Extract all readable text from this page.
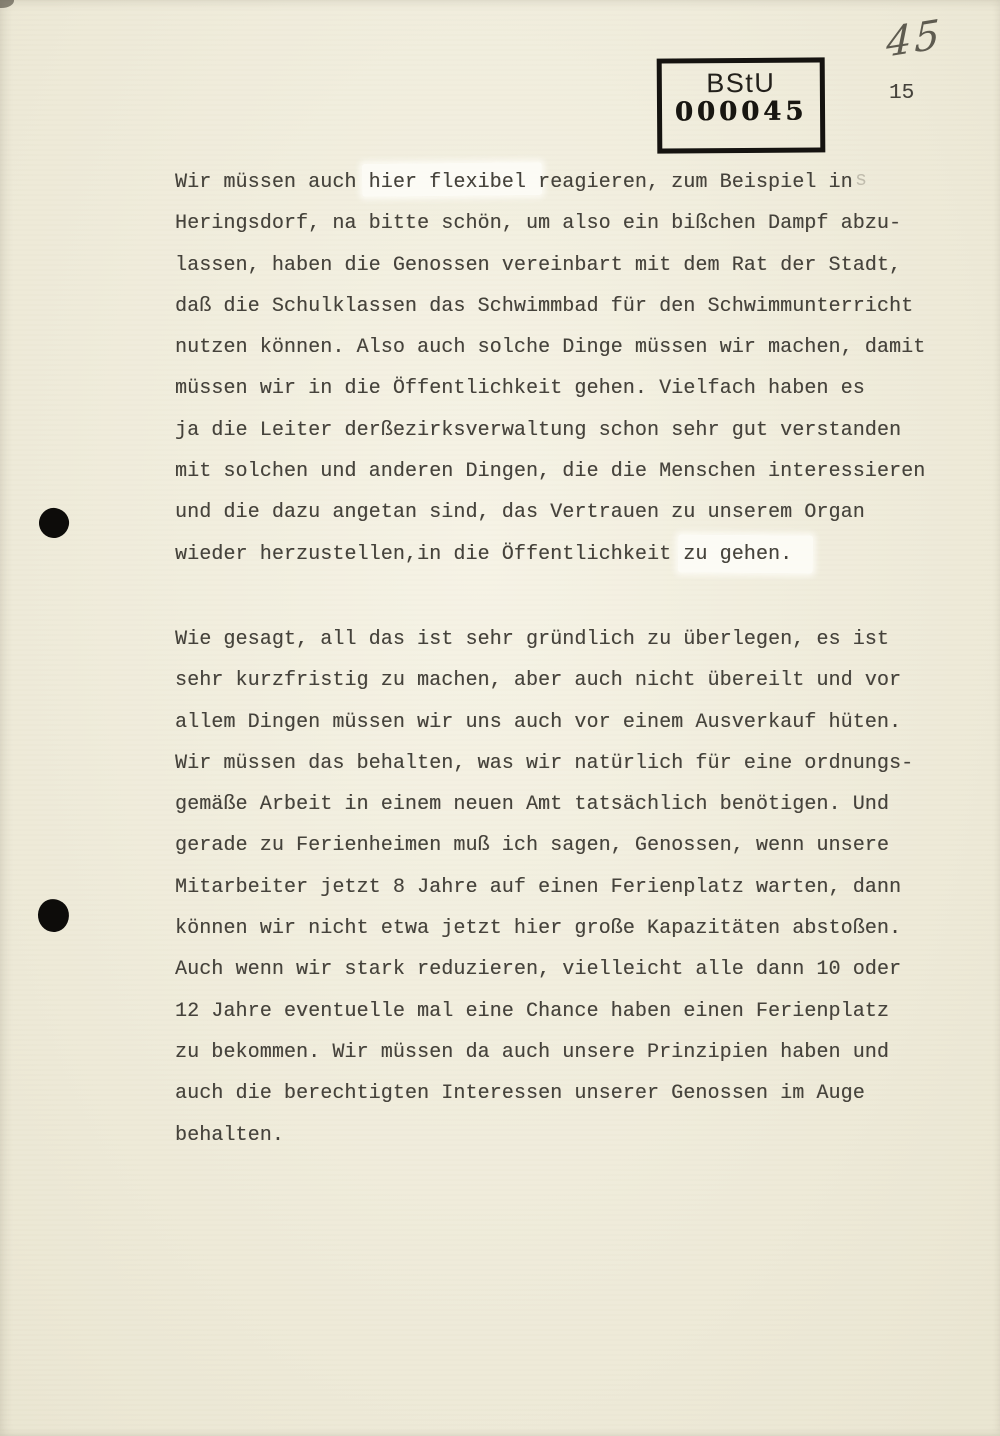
BStU
000045
45
15
s
Wir müssen auch hier flexibel reagieren, zum Beispiel in
Heringsdorf, na bitte schön, um also ein bißchen Dampf abzu-
lassen, haben die Genossen vereinbart mit dem Rat der Stadt,
daß die Schulklassen das Schwimmbad für den Schwimmunterricht
nutzen können. Also auch solche Dinge müssen wir machen, damit
müssen wir in die Öffentlichkeit gehen. Vielfach haben es
ja die Leiter derßezirksverwaltung schon sehr gut verstanden
mit solchen und anderen Dingen, die die Menschen interessieren
und die dazu angetan sind, das Vertrauen zu unserem Organ
wieder herzustellen,in die Öffentlichkeit zu gehen.
Wie gesagt, all das ist sehr gründlich zu überlegen, es ist
sehr kurzfristig zu machen, aber auch nicht übereilt und vor
allem Dingen müssen wir uns auch vor einem Ausverkauf hüten.
Wir müssen das behalten, was wir natürlich für eine ordnungs-
gemäße Arbeit in einem neuen Amt tatsächlich benötigen. Und
gerade zu Ferienheimen muß ich sagen, Genossen, wenn unsere
Mitarbeiter jetzt 8 Jahre auf einen Ferienplatz warten, dann
können wir nicht etwa jetzt hier große Kapazitäten abstoßen.
Auch wenn wir stark reduzieren, vielleicht alle dann 10 oder
12 Jahre eventuelle mal eine Chance haben einen Ferienplatz
zu bekommen. Wir müssen da auch unsere Prinzipien haben und
auch die berechtigten Interessen unserer Genossen im Auge
behalten.
